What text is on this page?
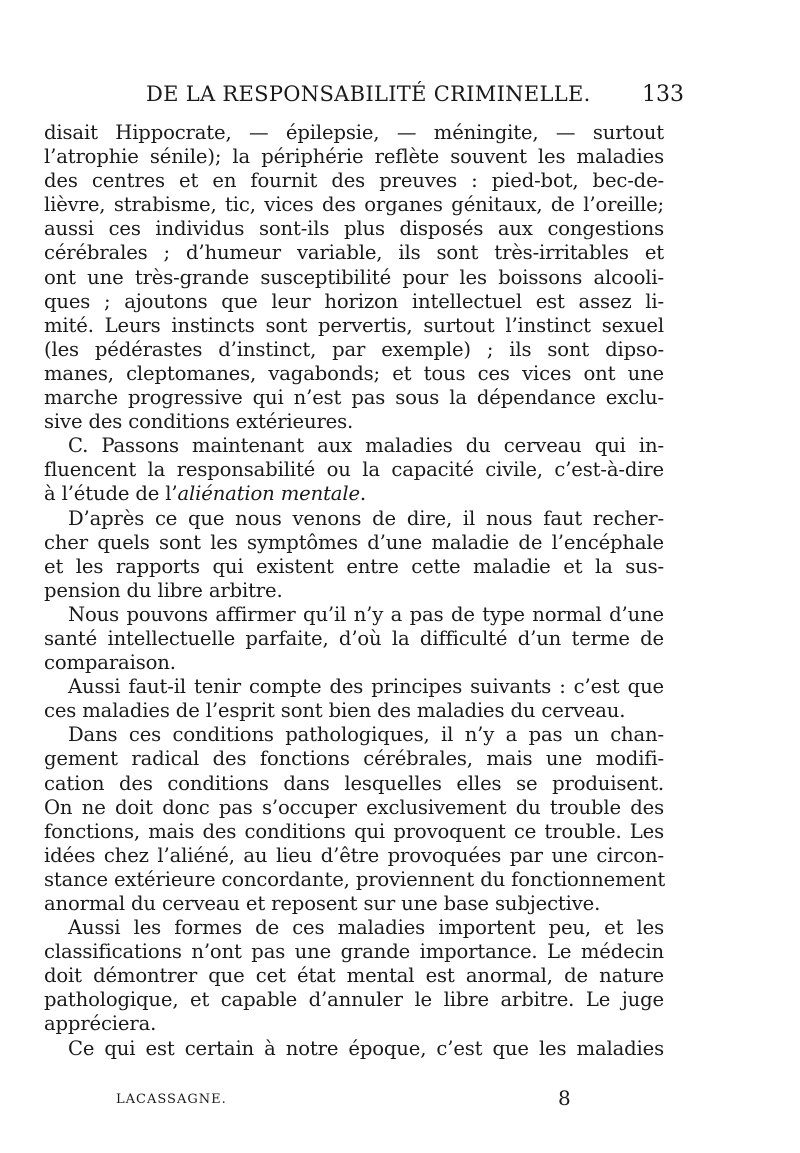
DE LA RESPONSABILITÉ CRIMINELLE. 133
disait Hippocrate, — épilepsie, — méningite, — surtout
l’atrophie sénile); la périphérie reflète souvent les maladies
des centres et en fournit des preuves : pied-bot, bec-de-
lièvre, strabisme, tic, vices des organes génitaux, de l’oreille;
aussi ces individus sont-ils plus disposés aux congestions
cérébrales ; d’humeur variable, ils sont très-irritables et
ont une très-grande susceptibilité pour les boissons alcooli-
ques ; ajoutons que leur horizon intellectuel est assez li-
mité. Leurs instincts sont pervertis, surtout l’instinct sexuel
(les pédérastes d’instinct, par exemple) ; ils sont dipso-
manes, cleptomanes, vagabonds; et tous ces vices ont une
marche progressive qui n’est pas sous la dépendance exclu-
sive des conditions extérieures.
C. Passons maintenant aux maladies du cerveau qui in-
fluencent la responsabilité ou la capacité civile, c’est-à-dire
à l’étude de l’aliénation mentale.
D’après ce que nous venons de dire, il nous faut recher-
cher quels sont les symptômes d’une maladie de l’encéphale
et les rapports qui existent entre cette maladie et la sus-
pension du libre arbitre.
Nous pouvons affirmer qu’il n’y a pas de type normal d’une
santé intellectuelle parfaite, d’où la difficulté d’un terme de
comparaison.
Aussi faut-il tenir compte des principes suivants : c’est que
ces maladies de l’esprit sont bien des maladies du cerveau.
Dans ces conditions pathologiques, il n’y a pas un chan-
gement radical des fonctions cérébrales, mais une modifi-
cation des conditions dans lesquelles elles se produisent.
On ne doit donc pas s’occuper exclusivement du trouble des
fonctions, mais des conditions qui provoquent ce trouble. Les
idées chez l’aliéné, au lieu d’être provoquées par une circon-
stance extérieure concordante, proviennent du fonctionnement
anormal du cerveau et reposent sur une base subjective.
Aussi les formes de ces maladies importent peu, et les
classifications n’ont pas une grande importance. Le médecin
doit démontrer que cet état mental est anormal, de nature
pathologique, et capable d’annuler le libre arbitre. Le juge
appréciera.
Ce qui est certain à notre époque, c’est que les maladies
LACASSAGNE.	8
